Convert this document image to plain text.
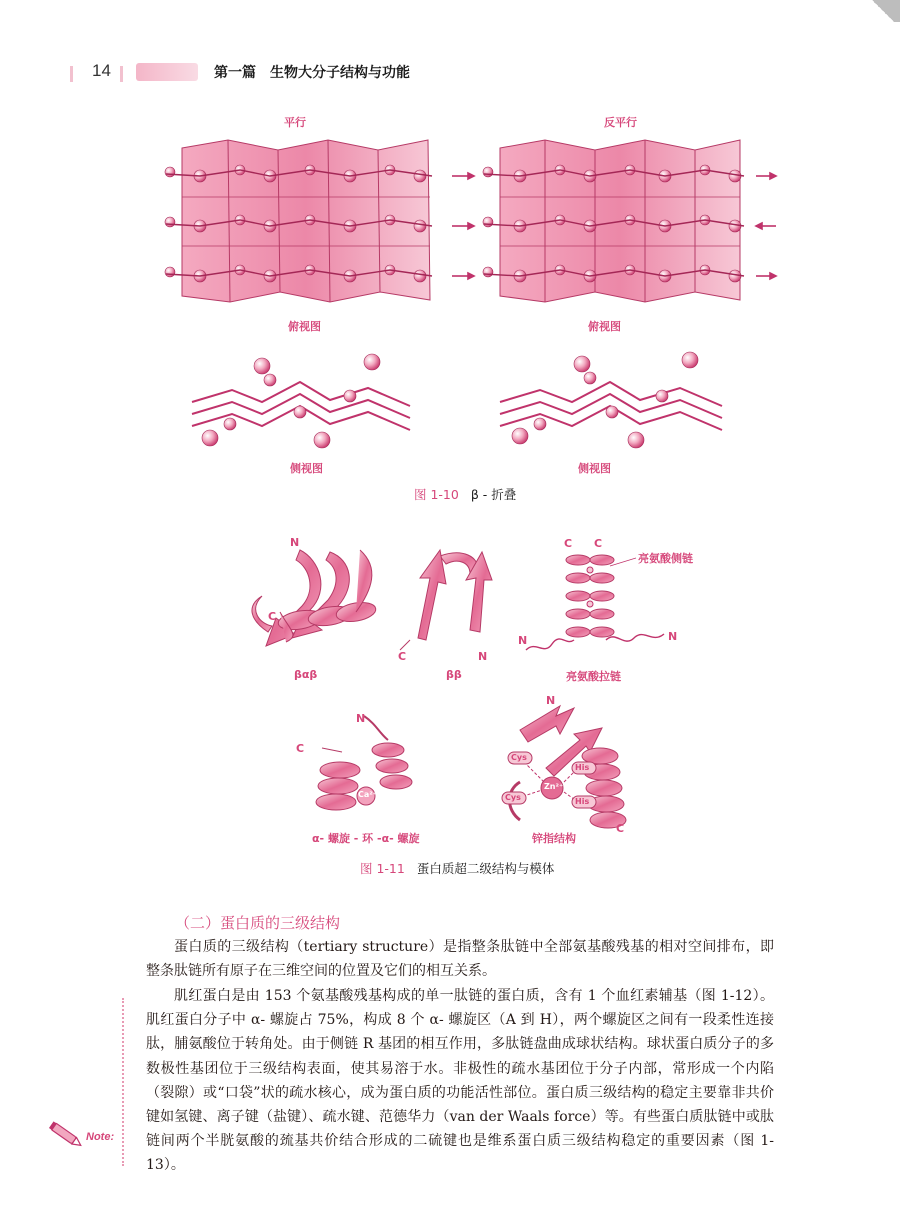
14	第一篇　生物大分子结构与功能
平行	反平行
俯视图	俯视图
侧视图	侧视图
图 1-10 β - 折叠
N
C
C	N
C C
N	N
亮氨酸侧链
βαβ	ββ	亮氨酸拉链
N
C
Ca²⁺
N
C
Cys
Cys
His
His
Zn²⁺
α- 螺旋 - 环 -α- 螺旋	锌指结构
图 1-11 蛋白质超二级结构与模体
（二）蛋白质的三级结构
蛋白质的三级结构（tertiary structure）是指整条肽链中全部氨基酸残基的相对空间排布，即整条肽链所有原子在三维空间的位置及它们的相互关系。
肌红蛋白是由 153 个氨基酸残基构成的单一肽链的蛋白质，含有 1 个血红素辅基（图 1-12）。肌红蛋白分子中 α- 螺旋占 75%，构成 8 个 α- 螺旋区（A 到 H），两个螺旋区之间有一段柔性连接肽，脯氨酸位于转角处。由于侧链 R 基团的相互作用，多肽链盘曲成球状结构。球状蛋白质分子的多数极性基团位于三级结构表面，使其易溶于水。非极性的疏水基团位于分子内部，常形成一个内陷（裂隙）或“口袋”状的疏水核心，成为蛋白质的功能活性部位。蛋白质三级结构的稳定主要靠非共价键如氢键、离子键（盐键）、疏水键、范德华力（van der Waals force）等。有些蛋白质肽链中或肽链间两个半胱氨酸的巯基共价结合形成的二硫键也是维系蛋白质三级结构稳定的重要因素（图 1-13）。
Note:
